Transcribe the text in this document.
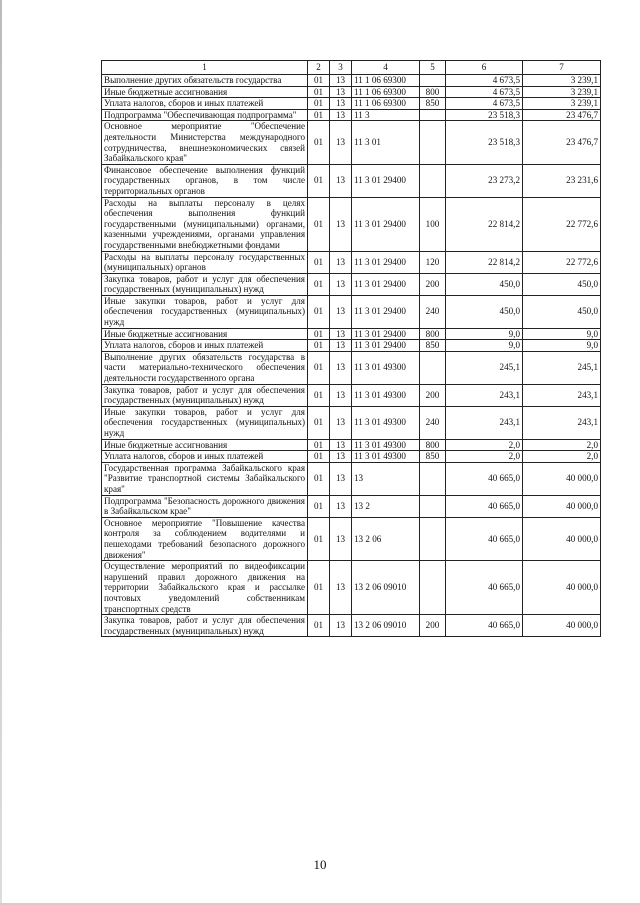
1	2	3	4	5	6	7
Выполнение других обязательств государства	01	13	11 1 06 69300		4 673,5	3 239,1
Иные бюджетные ассигнования	01	13	11 1 06 69300	800	4 673,5	3 239,1
Уплата налогов, сборов и иных платежей	01	13	11 1 06 69300	850	4 673,5	3 239,1
Подпрограмма "Обеспечивающая подпрограмма"	01	13	11 3		23 518,3	23 476,7
Основное мероприятие "Обеспечение деятельности Министерства международного сотрудничества, внешнеэкономических связей Забайкальского края"	01	13	11 3 01		23 518,3	23 476,7
Финансовое обеспечение выполнения функций государственных органов, в том числе территориальных органов	01	13	11 3 01 29400		23 273,2	23 231,6
Расходы на выплаты персоналу в целях обеспечения выполнения функций государственными (муниципальными) органами, казенными учреждениями, органами управления государственными внебюджетными фондами	01	13	11 3 01 29400	100	22 814,2	22 772,6
Расходы на выплаты персоналу государственных (муниципальных) органов	01	13	11 3 01 29400	120	22 814,2	22 772,6
Закупка товаров, работ и услуг для обеспечения государственных (муниципальных) нужд	01	13	11 3 01 29400	200	450,0	450,0
Иные закупки товаров, работ и услуг для обеспечения государственных (муниципальных) нужд	01	13	11 3 01 29400	240	450,0	450,0
Иные бюджетные ассигнования	01	13	11 3 01 29400	800	9,0	9,0
Уплата налогов, сборов и иных платежей	01	13	11 3 01 29400	850	9,0	9,0
Выполнение других обязательств государства в части материально-технического обеспечения деятельности государственного органа	01	13	11 3 01 49300		245,1	245,1
Закупка товаров, работ и услуг для обеспечения государственных (муниципальных) нужд	01	13	11 3 01 49300	200	243,1	243,1
Иные закупки товаров, работ и услуг для обеспечения государственных (муниципальных) нужд	01	13	11 3 01 49300	240	243,1	243,1
Иные бюджетные ассигнования	01	13	11 3 01 49300	800	2,0	2,0
Уплата налогов, сборов и иных платежей	01	13	11 3 01 49300	850	2,0	2,0
Государственная программа Забайкальского края "Развитие транспортной системы Забайкальского края"	01	13	13		40 665,0	40 000,0
Подпрограмма "Безопасность дорожного движения в Забайкальском крае"	01	13	13 2		40 665,0	40 000,0
Основное мероприятие "Повышение качества контроля за соблюдением водителями и пешеходами требований безопасного дорожного движения"	01	13	13 2 06		40 665,0	40 000,0
Осуществление мероприятий по видеофиксации нарушений правил дорожного движения на территории Забайкальского края и рассылке почтовых уведомлений собственникам транспортных средств	01	13	13 2 06 09010		40 665,0	40 000,0
Закупка товаров, работ и услуг для обеспечения государственных (муниципальных) нужд	01	13	13 2 06 09010	200	40 665,0	40 000,0
10
